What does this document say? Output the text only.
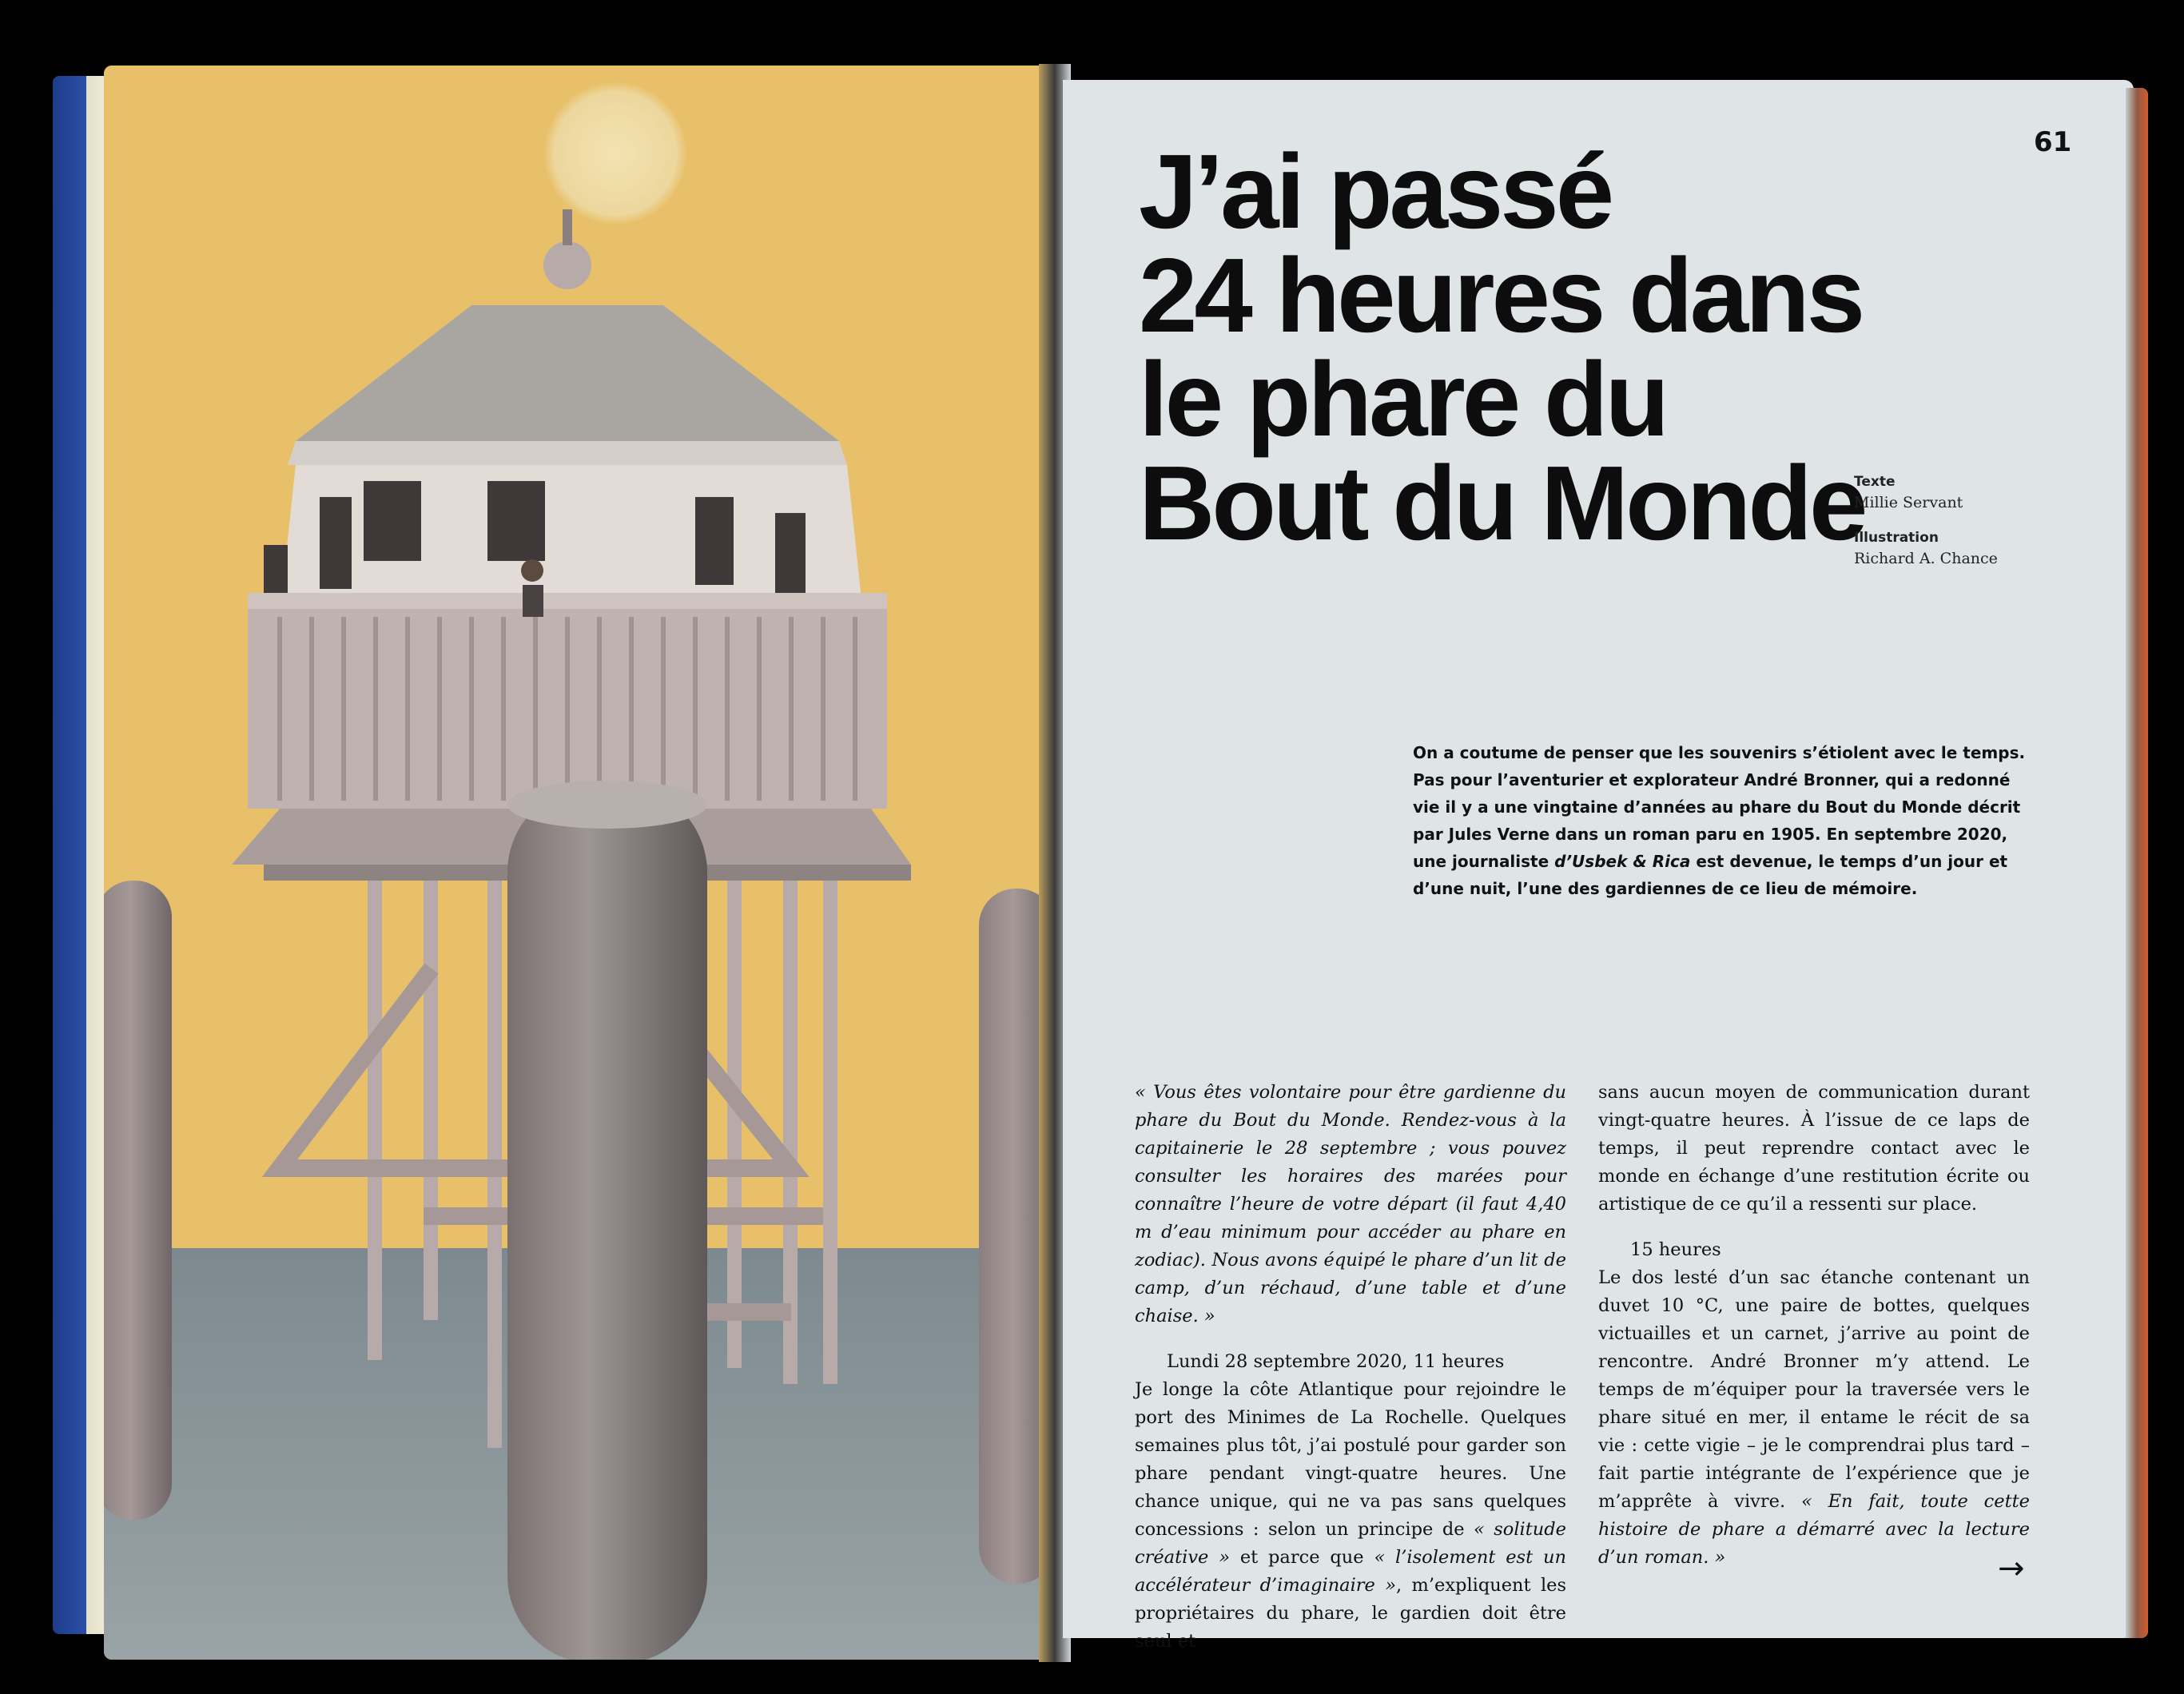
61
J’ai passé
24 heures dans
le phare du
Bout du Monde
Texte
Millie Servant
Illustration
Richard A. Chance

On a coutume de penser que les souvenirs s’étiolent avec le temps. Pas pour l’aventurier et explorateur André Bronner, qui a redonné vie il y a une vingtaine d’années au phare du Bout du Monde décrit par Jules Verne dans un roman paru en 1905. En septembre 2020, une journaliste d’Usbek & Rica est devenue, le temps d’un jour et d’une nuit, l’une des gardiennes de ce lieu de mémoire.

« Vous êtes volontaire pour être gardienne du phare du Bout du Monde. Rendez-vous à la capitainerie le 28 septembre ; vous pouvez consulter les horaires des marées pour connaître l’heure de votre départ (il faut 4,40 m d’eau minimum pour accéder au phare en zodiac). Nous avons équipé le phare d’un lit de camp, d’un réchaud, d’une table et d’une chaise. »

Lundi 28 septembre 2020, 11 heures

Je longe la côte Atlantique pour rejoindre le port des Minimes de La Rochelle. Quelques semaines plus tôt, j’ai postulé pour garder son phare pendant vingt-quatre heures. Une chance unique, qui ne va pas sans quelques concessions : selon un principe de « solitude créative » et parce que « l’isolement est un accélérateur d’imaginaire », m’expliquent les propriétaires du phare, le gardien doit être seul et

sans aucun moyen de communication durant vingt-quatre heures. À l’issue de ce laps de temps, il peut reprendre contact avec le monde en échange d’une restitution écrite ou artistique de ce qu’il a ressenti sur place.

15 heures

Le dos lesté d’un sac étanche contenant un duvet 10 °C, une paire de bottes, quelques victuailles et un carnet, j’arrive au point de rencontre. André Bronner m’y attend. Le temps de m’équiper pour la traversée vers le phare situé en mer, il entame le récit de sa vie : cette vigie – je le comprendrai plus tard – fait partie intégrante de l’expérience que je m’apprête à vivre. « En fait, toute cette histoire de phare a démarré avec la lecture d’un roman. »	→
